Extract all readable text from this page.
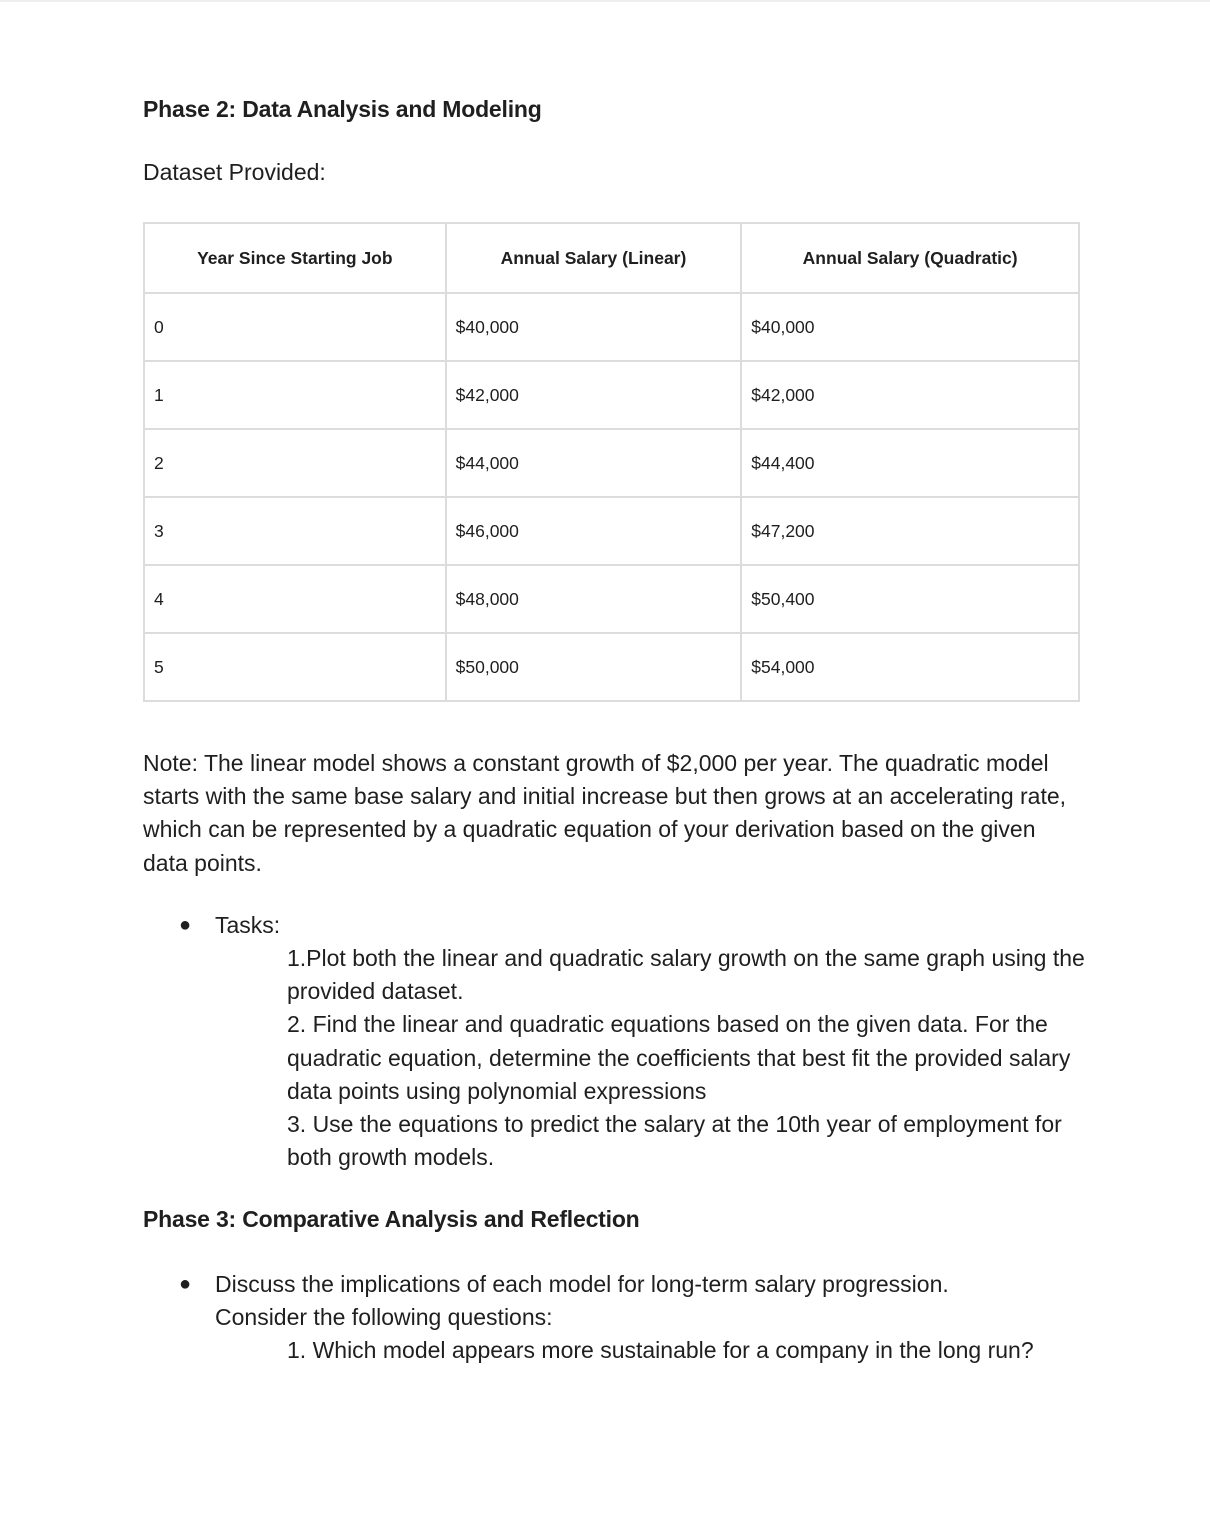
Phase 2: Data Analysis and Modeling

Dataset Provided:

Year Since Starting Job	Annual Salary (Linear)	Annual Salary (Quadratic)
0	$40,000	$40,000
1	$42,000	$42,000
2	$44,000	$44,400
3	$46,000	$47,200
4	$48,000	$50,400
5	$50,000	$54,000

Note: The linear model shows a constant growth of $2,000 per year. The quadratic model starts with the same base salary and initial increase but then grows at an accelerating rate, which can be represented by a quadratic equation of your derivation based on the given data points.

● Tasks:
1.Plot both the linear and quadratic salary growth on the same graph using the provided dataset.
2. Find the linear and quadratic equations based on the given data. For the quadratic equation, determine the coefficients that best fit the provided salary data points using polynomial expressions
3. Use the equations to predict the salary at the 10th year of employment for both growth models.
Phase 3: Comparative Analysis and Reflection
● Discuss the implications of each model for long-term salary progression. Consider the following questions:
1. Which model appears more sustainable for a company in the long run?
